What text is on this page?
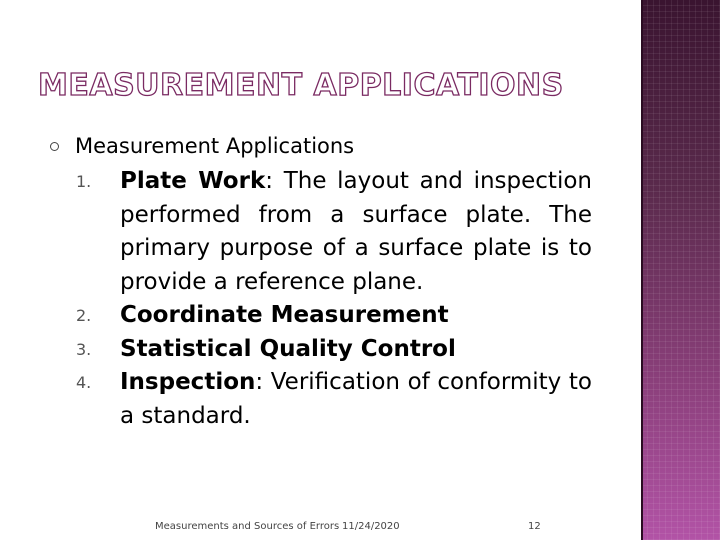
MEASUREMENT APPLICATIONS
Measurement Applications
1.	Plate Work: The layout and inspection performed from a surface plate. The primary purpose of a surface plate is to provide a reference plane.
2.	Coordinate Measurement
3.	Statistical Quality Control
4.	Inspection: Verification of conformity to a standard.
Measurements and Sources of Errors 11/24/2020	12
